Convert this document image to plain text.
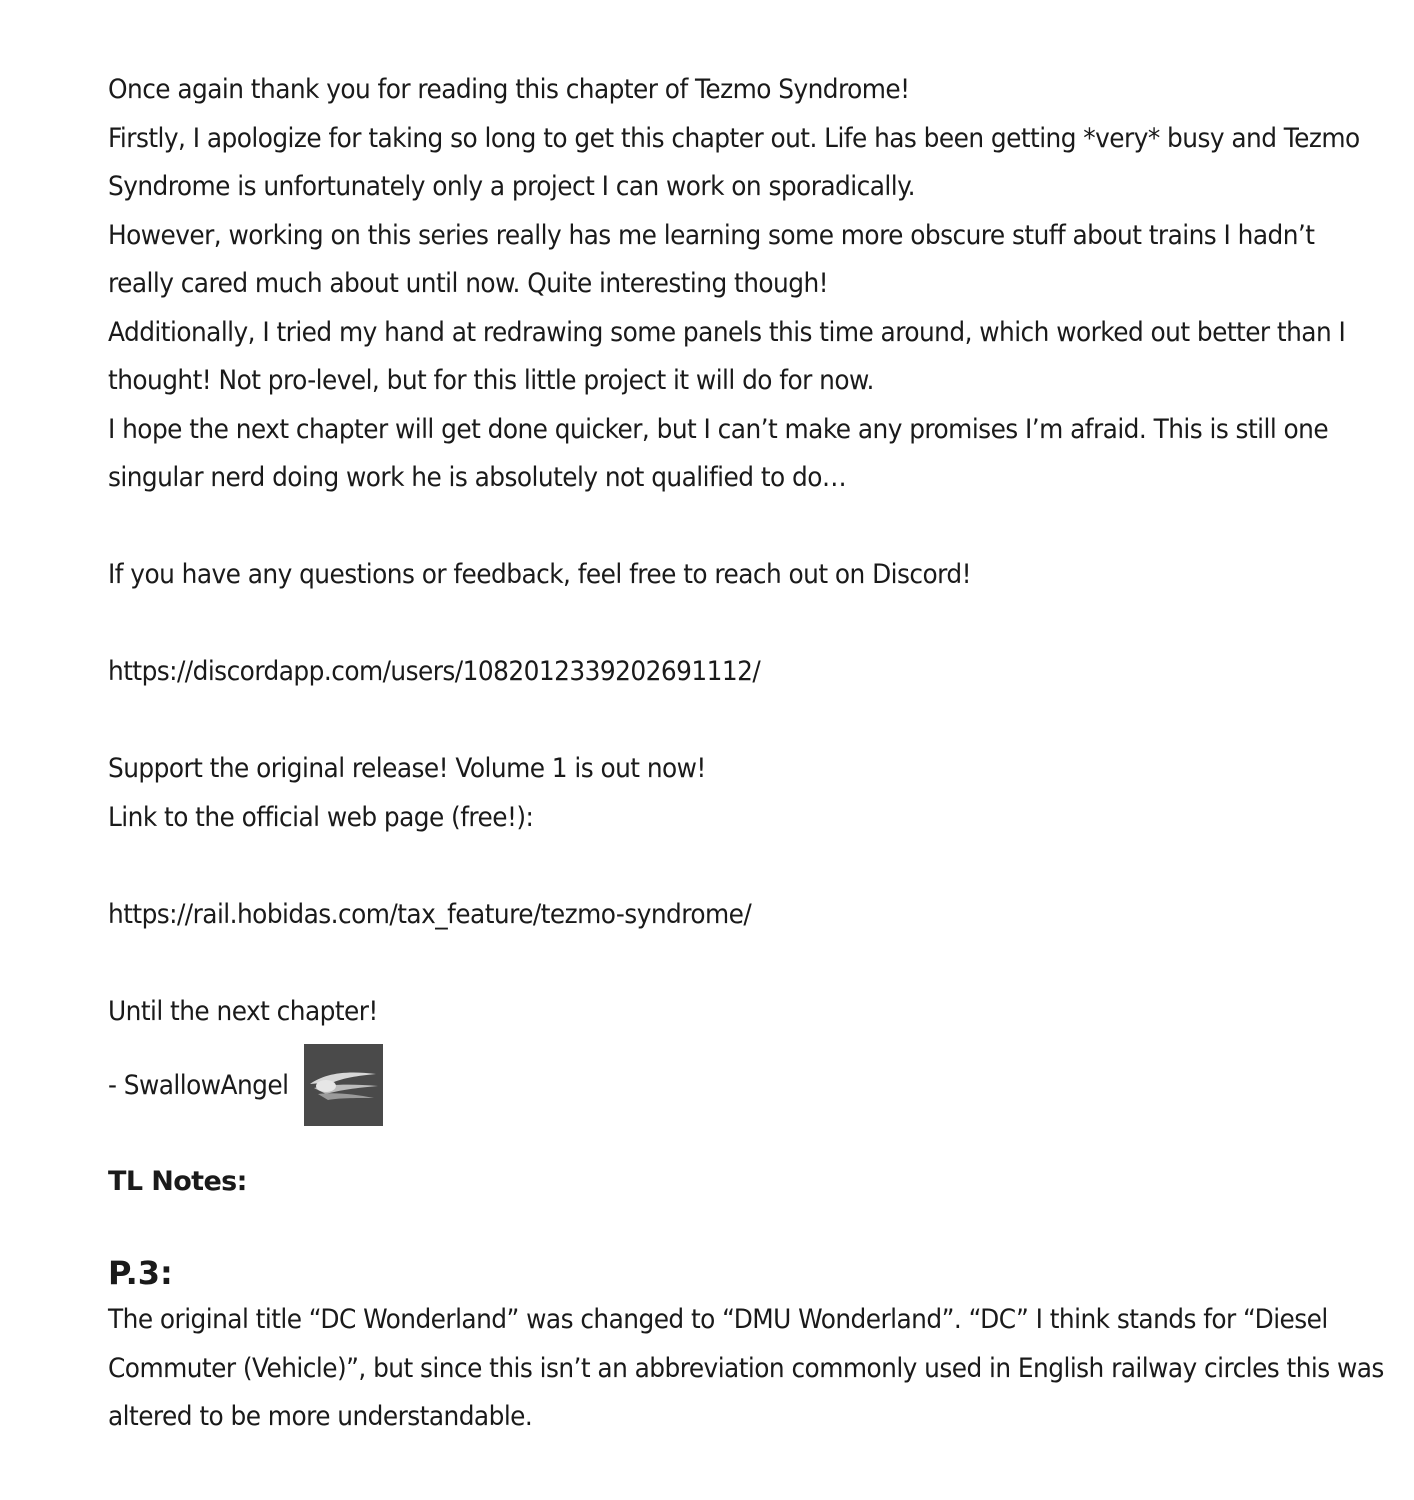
Once again thank you for reading this chapter of Tezmo Syndrome!
Firstly, I apologize for taking so long to get this chapter out. Life has been getting *very* busy and Tezmo
Syndrome is unfortunately only a project I can work on sporadically.
However, working on this series really has me learning some more obscure stuff about trains I hadn’t
really cared much about until now. Quite interesting though!
Additionally, I tried my hand at redrawing some panels this time around, which worked out better than I
thought! Not pro-level, but for this little project it will do for now.
I hope the next chapter will get done quicker, but I can’t make any promises I’m afraid. This is still one
singular nerd doing work he is absolutely not qualified to do…
If you have any questions or feedback, feel free to reach out on Discord!
https://discordapp.com/users/1082012339202691112/
Support the original release! Volume 1 is out now!
Link to the official web page (free!):
https://rail.hobidas.com/tax_feature/tezmo-syndrome/
Until the next chapter!
- SwallowAngel
TL Notes:
P.3:
The original title “DC Wonderland” was changed to “DMU Wonderland”. “DC” I think stands for “Diesel
Commuter (Vehicle)”, but since this isn’t an abbreviation commonly used in English railway circles this was
altered to be more understandable.
